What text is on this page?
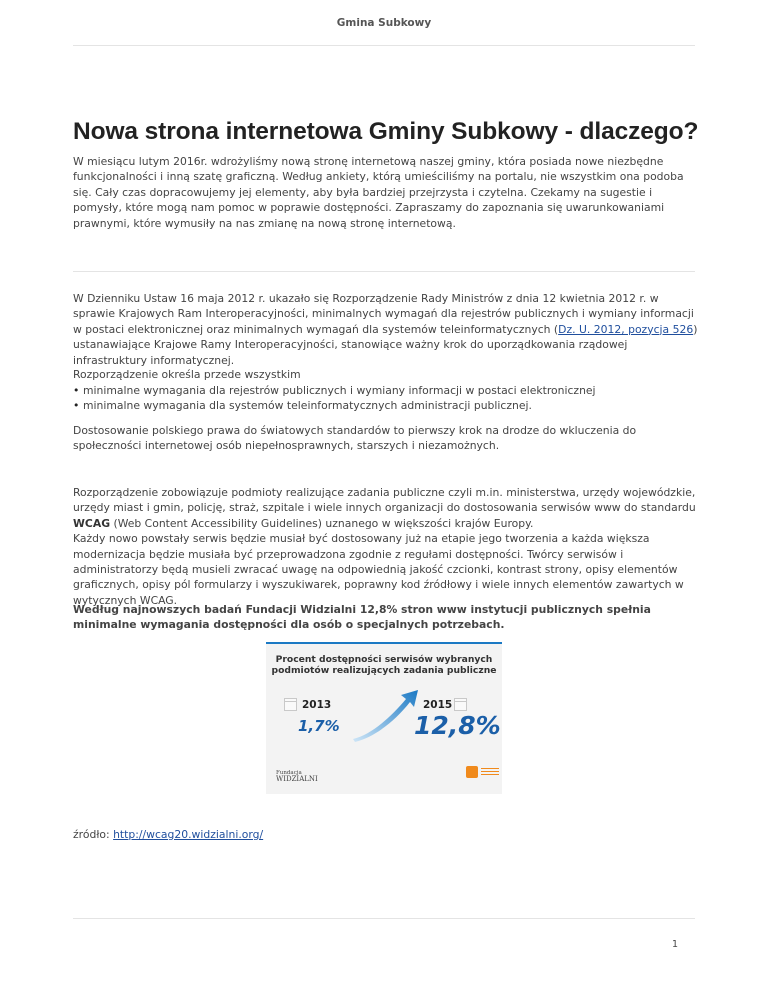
Gmina Subkowy
Nowa strona internetowa Gminy Subkowy - dlaczego?

W miesiącu lutym 2016r. wdrożyliśmy nową stronę internetową naszej gminy, która posiada nowe niezbędne funkcjonalności i inną szatę graficzną. Według ankiety, którą umieściliśmy na portalu, nie wszystkim ona podoba się. Cały czas dopracowujemy jej elementy, aby była bardziej przejrzysta i czytelna. Czekamy na sugestie i pomysły, które mogą nam pomoc w poprawie dostępności. Zapraszamy do zapoznania się uwarunkowaniami prawnymi, które wymusiły na nas zmianę na nową stronę internetową.

W Dzienniku Ustaw 16 maja 2012 r. ukazało się Rozporządzenie Rady Ministrów z dnia 12 kwietnia 2012 r. w sprawie Krajowych Ram Interoperacyjności, minimalnych wymagań dla rejestrów publicznych i wymiany informacji w postaci elektronicznej oraz minimalnych wymagań dla systemów teleinformatycznych (Dz. U. 2012, pozycja 526) ustanawiające Krajowe Ramy Interoperacyjności, stanowiące ważny krok do uporządkowania rządowej infrastruktury informatycznej.

Rozporządzenie określa przede wszystkim

• minimalne wymagania dla rejestrów publicznych i wymiany informacji w postaci elektronicznej
• minimalne wymagania dla systemów teleinformatycznych administracji publicznej.

Dostosowanie polskiego prawa do światowych standardów to pierwszy krok na drodze do wkluczenia do społeczności internetowej osób niepełnosprawnych, starszych i niezamożnych.

Rozporządzenie zobowiązuje podmioty realizujące zadania publiczne czyli m.in. ministerstwa, urzędy wojewódzkie, urzędy miast i gmin, policję, straż, szpitale i wiele innych organizacji do dostosowania serwisów www do standardu WCAG (Web Content Accessibility Guidelines) uznanego w większości krajów Europy.
Każdy nowo powstały serwis będzie musiał być dostosowany już na etapie jego tworzenia a każda większa modernizacja będzie musiała być przeprowadzona zgodnie z regułami dostępności. Twórcy serwisów i administratorzy będą musieli zwracać uwagę na odpowiednią jakość czcionki, kontrast strony, opisy elementów graficznych, opisy pól formularzy i wyszukiwarek, poprawny kod źródłowy i wiele innych elementów zawartych w wytycznych WCAG.

Według najnowszych badań Fundacji Widzialni 12,8% stron www instytucji publicznych spełnia minimalne wymagania dostępności dla osób o specjalnych potrzebach.

Procent dostępności serwisów wybranych
podmiotów realizujących zadania publiczne
2013
1,7%
2015
12,8%
Fundacja
WIDZIALNI

źródło: http://wcag20.widzialni.org/

1
